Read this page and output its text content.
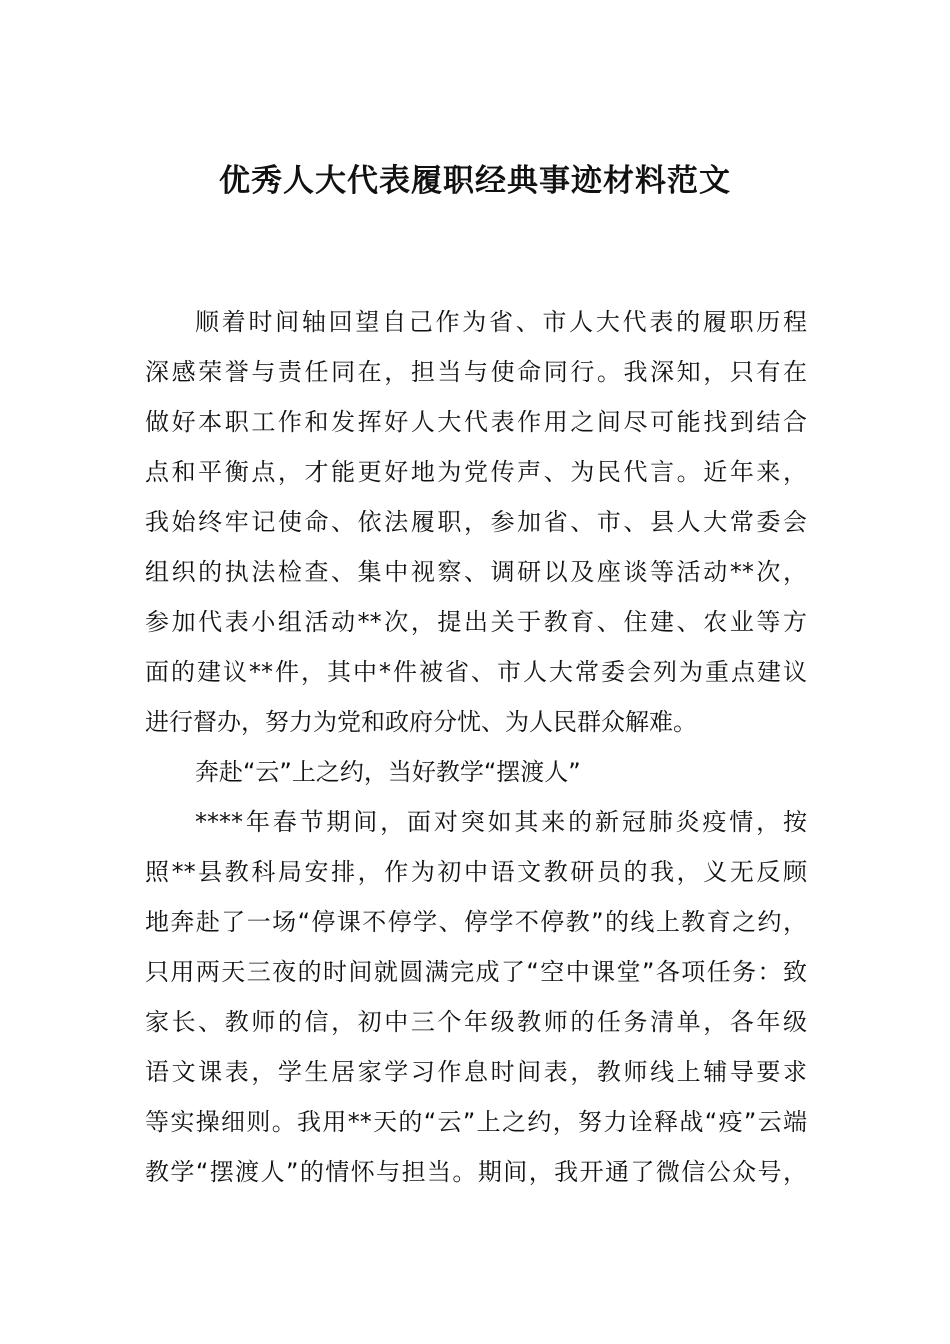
优秀人大代表履职经典事迹材料范文
顺着时间轴回望自己作为省、市人大代表的履职历程
深感荣誉与责任同在，担当与使命同行。我深知，只有在
做好本职工作和发挥好人大代表作用之间尽可能找到结合
点和平衡点，才能更好地为党传声、为民代言。近年来，
我始终牢记使命、依法履职，参加省、市、县人大常委会
组织的执法检查、集中视察、调研以及座谈等活动**次，
参加代表小组活动**次，提出关于教育、住建、农业等方
面的建议**件，其中*件被省、市人大常委会列为重点建议
进行督办，努力为党和政府分忧、为人民群众解难。
奔赴“云”上之约，当好教学“摆渡人”
****年春节期间，面对突如其来的新冠肺炎疫情，按
照**县教科局安排，作为初中语文教研员的我，义无反顾
地奔赴了一场“停课不停学、停学不停教”的线上教育之约，
只用两天三夜的时间就圆满完成了“空中课堂”各项任务：致
家长、教师的信，初中三个年级教师的任务清单，各年级
语文课表，学生居家学习作息时间表，教师线上辅导要求
等实操细则。我用**天的“云”上之约，努力诠释战“疫”云端
教学“摆渡人”的情怀与担当。期间，我开通了微信公众号，
